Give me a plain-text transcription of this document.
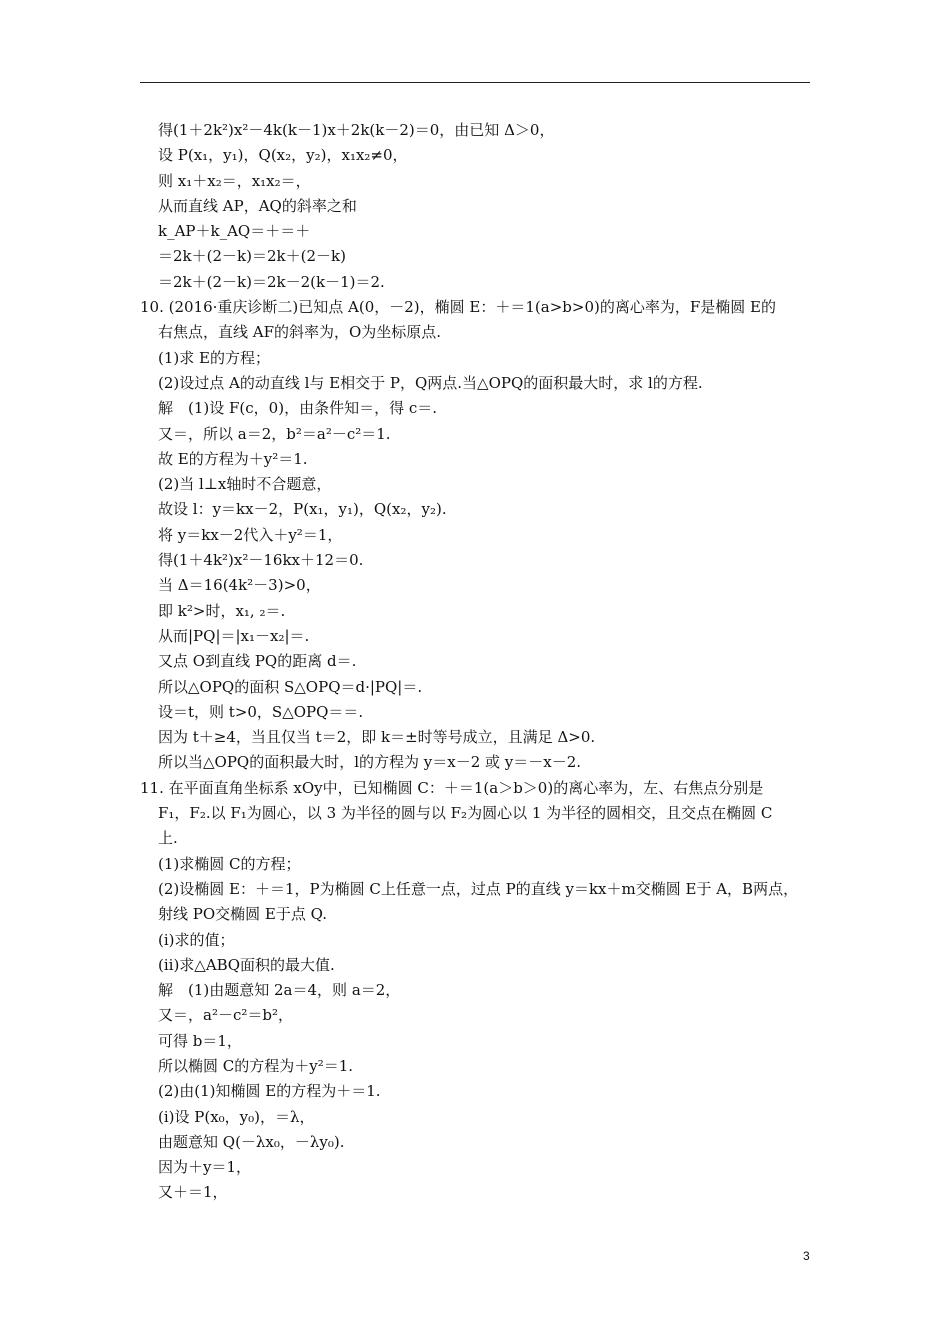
得(1＋2k²)x²－4k(k－1)x＋2k(k－2)＝0，由已知 Δ＞0，
设 P(x₁，y₁)，Q(x₂，y₂)，x₁x₂≠0，
则 x₁＋x₂＝，x₁x₂＝，
从而直线 AP，AQ的斜率之和
k_AP＋k_AQ＝＋＝＋
＝2k＋(2－k)＝2k＋(2－k)
＝2k＋(2－k)＝2k－2(k－1)＝2.
10. (2016·重庆诊断二)已知点 A(0，－2)，椭圆 E：＋＝1(a>b>0)的离心率为，F是椭圆 E的
右焦点，直线 AF的斜率为，O为坐标原点.
(1)求 E的方程；
(2)设过点 A的动直线 l与 E相交于 P，Q两点.当△OPQ的面积最大时，求 l的方程.
解　(1)设 F(c，0)，由条件知＝，得 c＝.
又＝，所以 a＝2，b²＝a²－c²＝1.
故 E的方程为＋y²＝1.
(2)当 l⊥x轴时不合题意，
故设 l：y＝kx－2，P(x₁，y₁)，Q(x₂，y₂).
将 y＝kx－2代入＋y²＝1，
得(1＋4k²)x²－16kx＋12＝0.
当 Δ＝16(4k²－3)>0，
即 k²>时，x₁, ₂＝.
从而|PQ|＝|x₁－x₂|＝.
又点 O到直线 PQ的距离 d＝.
所以△OPQ的面积 S△OPQ＝d·|PQ|＝.
设＝t，则 t>0，S△OPQ＝＝.
因为 t＋≥4，当且仅当 t＝2，即 k＝±时等号成立，且满足 Δ>0.
所以当△OPQ的面积最大时，l的方程为 y＝x－2 或 y＝－x－2.
11. 在平面直角坐标系 xOy中，已知椭圆 C：＋＝1(a＞b＞0)的离心率为，左、右焦点分别是
F₁，F₂.以 F₁为圆心，以 3 为半径的圆与以 F₂为圆心以 1 为半径的圆相交，且交点在椭圆 C
上.
(1)求椭圆 C的方程；
(2)设椭圆 E：＋＝1，P为椭圆 C上任意一点，过点 P的直线 y＝kx＋m交椭圆 E于 A，B两点，
射线 PO交椭圆 E于点 Q.
(ⅰ)求的值；
(ⅱ)求△ABQ面积的最大值.
解　(1)由题意知 2a＝4，则 a＝2，
又＝，a²－c²＝b²，
可得 b＝1，
所以椭圆 C的方程为＋y²＝1.
(2)由(1)知椭圆 E的方程为＋＝1.
(ⅰ)设 P(x₀，y₀)，＝λ，
由题意知 Q(－λx₀，－λy₀).
因为＋y＝1，
又＋＝1，
3
